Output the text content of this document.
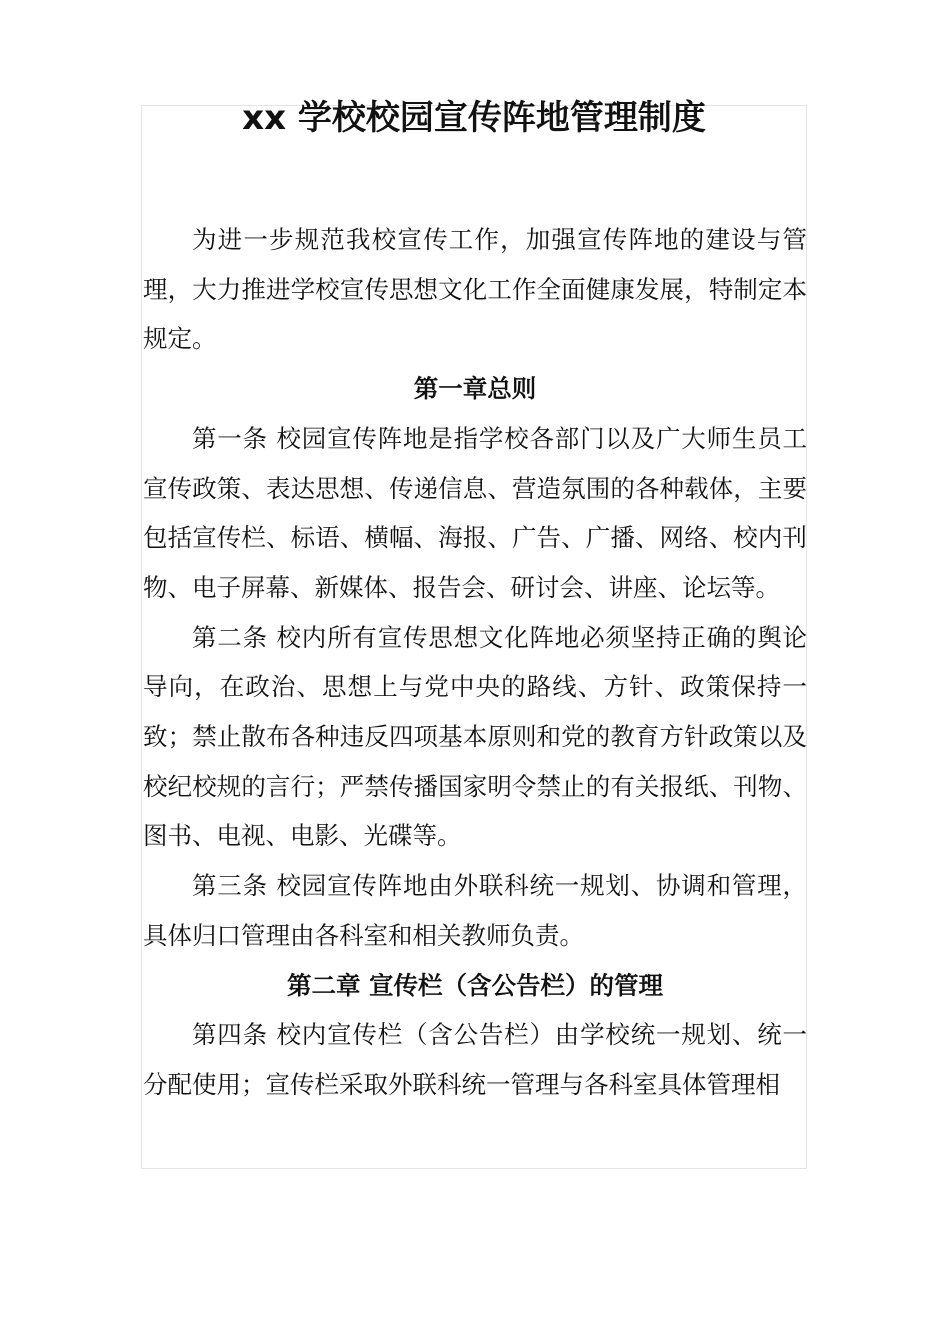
xx 学校校园宣传阵地管理制度

为进一步规范我校宣传工作，加强宣传阵地的建设与管理，大力推进学校宣传思想文化工作全面健康发展，特制定本规定。

第一章总则

第一条 校园宣传阵地是指学校各部门以及广大师生员工宣传政策、表达思想、传递信息、营造氛围的各种载体，主要包括宣传栏、标语、横幅、海报、广告、广播、网络、校内刊物、电子屏幕、新媒体、报告会、研讨会、讲座、论坛等。

第二条 校内所有宣传思想文化阵地必须坚持正确的舆论导向，在政治、思想上与党中央的路线、方针、政策保持一致；禁止散布各种违反四项基本原则和党的教育方针政策以及校纪校规的言行；严禁传播国家明令禁止的有关报纸、刊物、图书、电视、电影、光碟等。

第三条 校园宣传阵地由外联科统一规划、协调和管理，具体归口管理由各科室和相关教师负责。

第二章 宣传栏（含公告栏）的管理

第四条 校内宣传栏（含公告栏）由学校统一规划、统一分配使用；宣传栏采取外联科统一管理与各科室具体管理相
